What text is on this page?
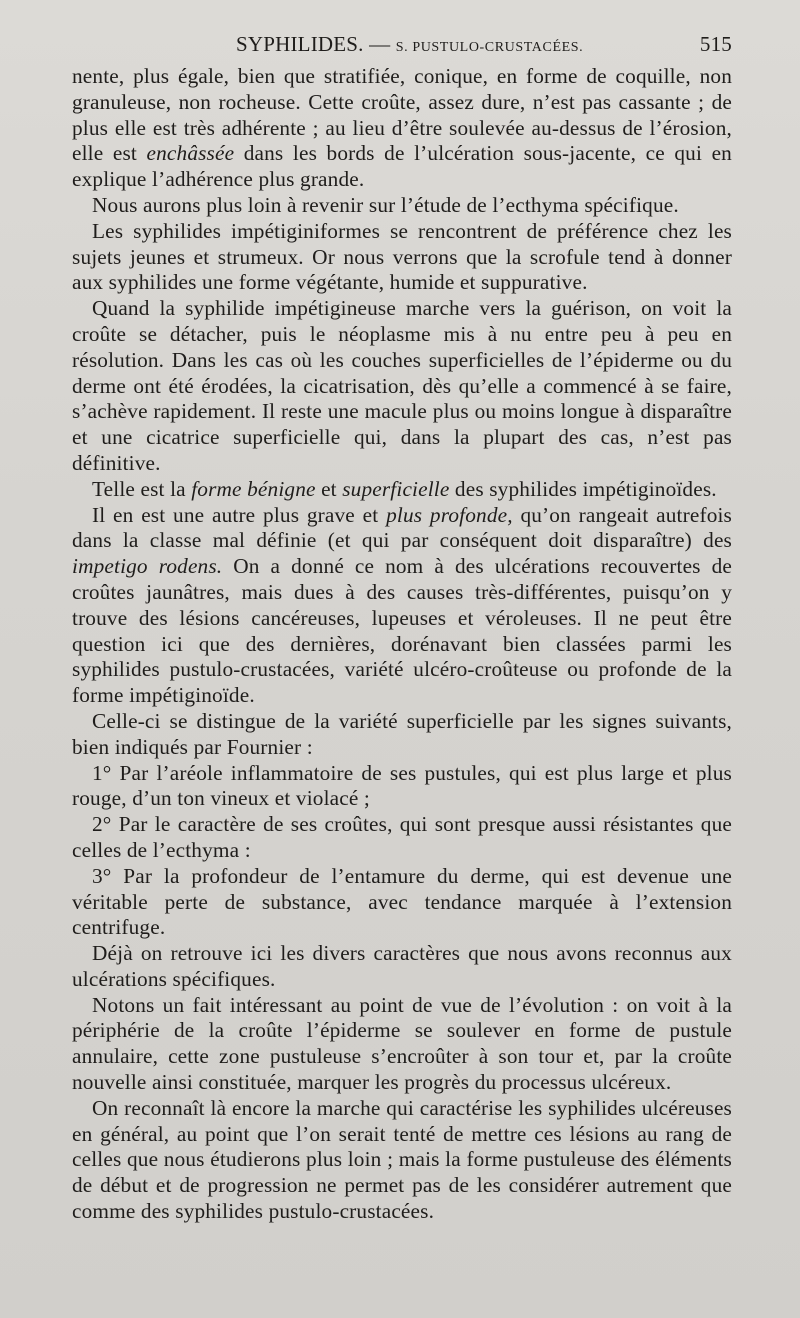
SYPHILIDES. — S. PUSTULO-CRUSTACÉES.	515

nente, plus égale, bien que stratifiée, conique, en forme de coquille, non granuleuse, non rocheuse. Cette croûte, assez dure, n’est pas cassante ; de plus elle est très adhérente ; au lieu d’être soulevée au-dessus de l’érosion, elle est enchâssée dans les bords de l’ulcération sous-jacente, ce qui en explique l’adhérence plus grande.

Nous aurons plus loin à revenir sur l’étude de l’ecthyma spécifique.

Les syphilides impétiginiformes se rencontrent de préférence chez les sujets jeunes et strumeux. Or nous verrons que la scrofule tend à donner aux syphilides une forme végétante, humide et suppurative.

Quand la syphilide impétigineuse marche vers la guérison, on voit la croûte se détacher, puis le néoplasme mis à nu entre peu à peu en résolution. Dans les cas où les couches superficielles de l’épiderme ou du derme ont été érodées, la cicatrisation, dès qu’elle a commencé à se faire, s’achève rapidement. Il reste une macule plus ou moins longue à disparaître et une cicatrice superficielle qui, dans la plupart des cas, n’est pas définitive.

Telle est la forme bénigne et superficielle des syphilides impétiginoïdes.

Il en est une autre plus grave et plus profonde, qu’on rangeait autrefois dans la classe mal définie (et qui par conséquent doit disparaître) des impetigo rodens. On a donné ce nom à des ulcérations recouvertes de croûtes jaunâtres, mais dues à des causes très-différentes, puisqu’on y trouve des lésions cancéreuses, lupeuses et véroleuses. Il ne peut être question ici que des dernières, dorénavant bien classées parmi les syphilides pustulo-crustacées, variété ulcéro-croûteuse ou profonde de la forme impétiginoïde.

Celle-ci se distingue de la variété superficielle par les signes suivants, bien indiqués par Fournier :

1° Par l’aréole inflammatoire de ses pustules, qui est plus large et plus rouge, d’un ton vineux et violacé ;

2° Par le caractère de ses croûtes, qui sont presque aussi résistantes que celles de l’ecthyma :

3° Par la profondeur de l’entamure du derme, qui est devenue une véritable perte de substance, avec tendance marquée à l’extension centrifuge.

Déjà on retrouve ici les divers caractères que nous avons reconnus aux ulcérations spécifiques.

Notons un fait intéressant au point de vue de l’évolution : on voit à la périphérie de la croûte l’épiderme se soulever en forme de pustule annulaire, cette zone pustuleuse s’encroûter à son tour et, par la croûte nouvelle ainsi constituée, marquer les progrès du processus ulcéreux.

On reconnaît là encore la marche qui caractérise les syphilides ulcéreuses en général, au point que l’on serait tenté de mettre ces lésions au rang de celles que nous étudierons plus loin ; mais la forme pustuleuse des éléments de début et de progression ne permet pas de les considérer autrement que comme des syphilides pustulo-crustacées.
